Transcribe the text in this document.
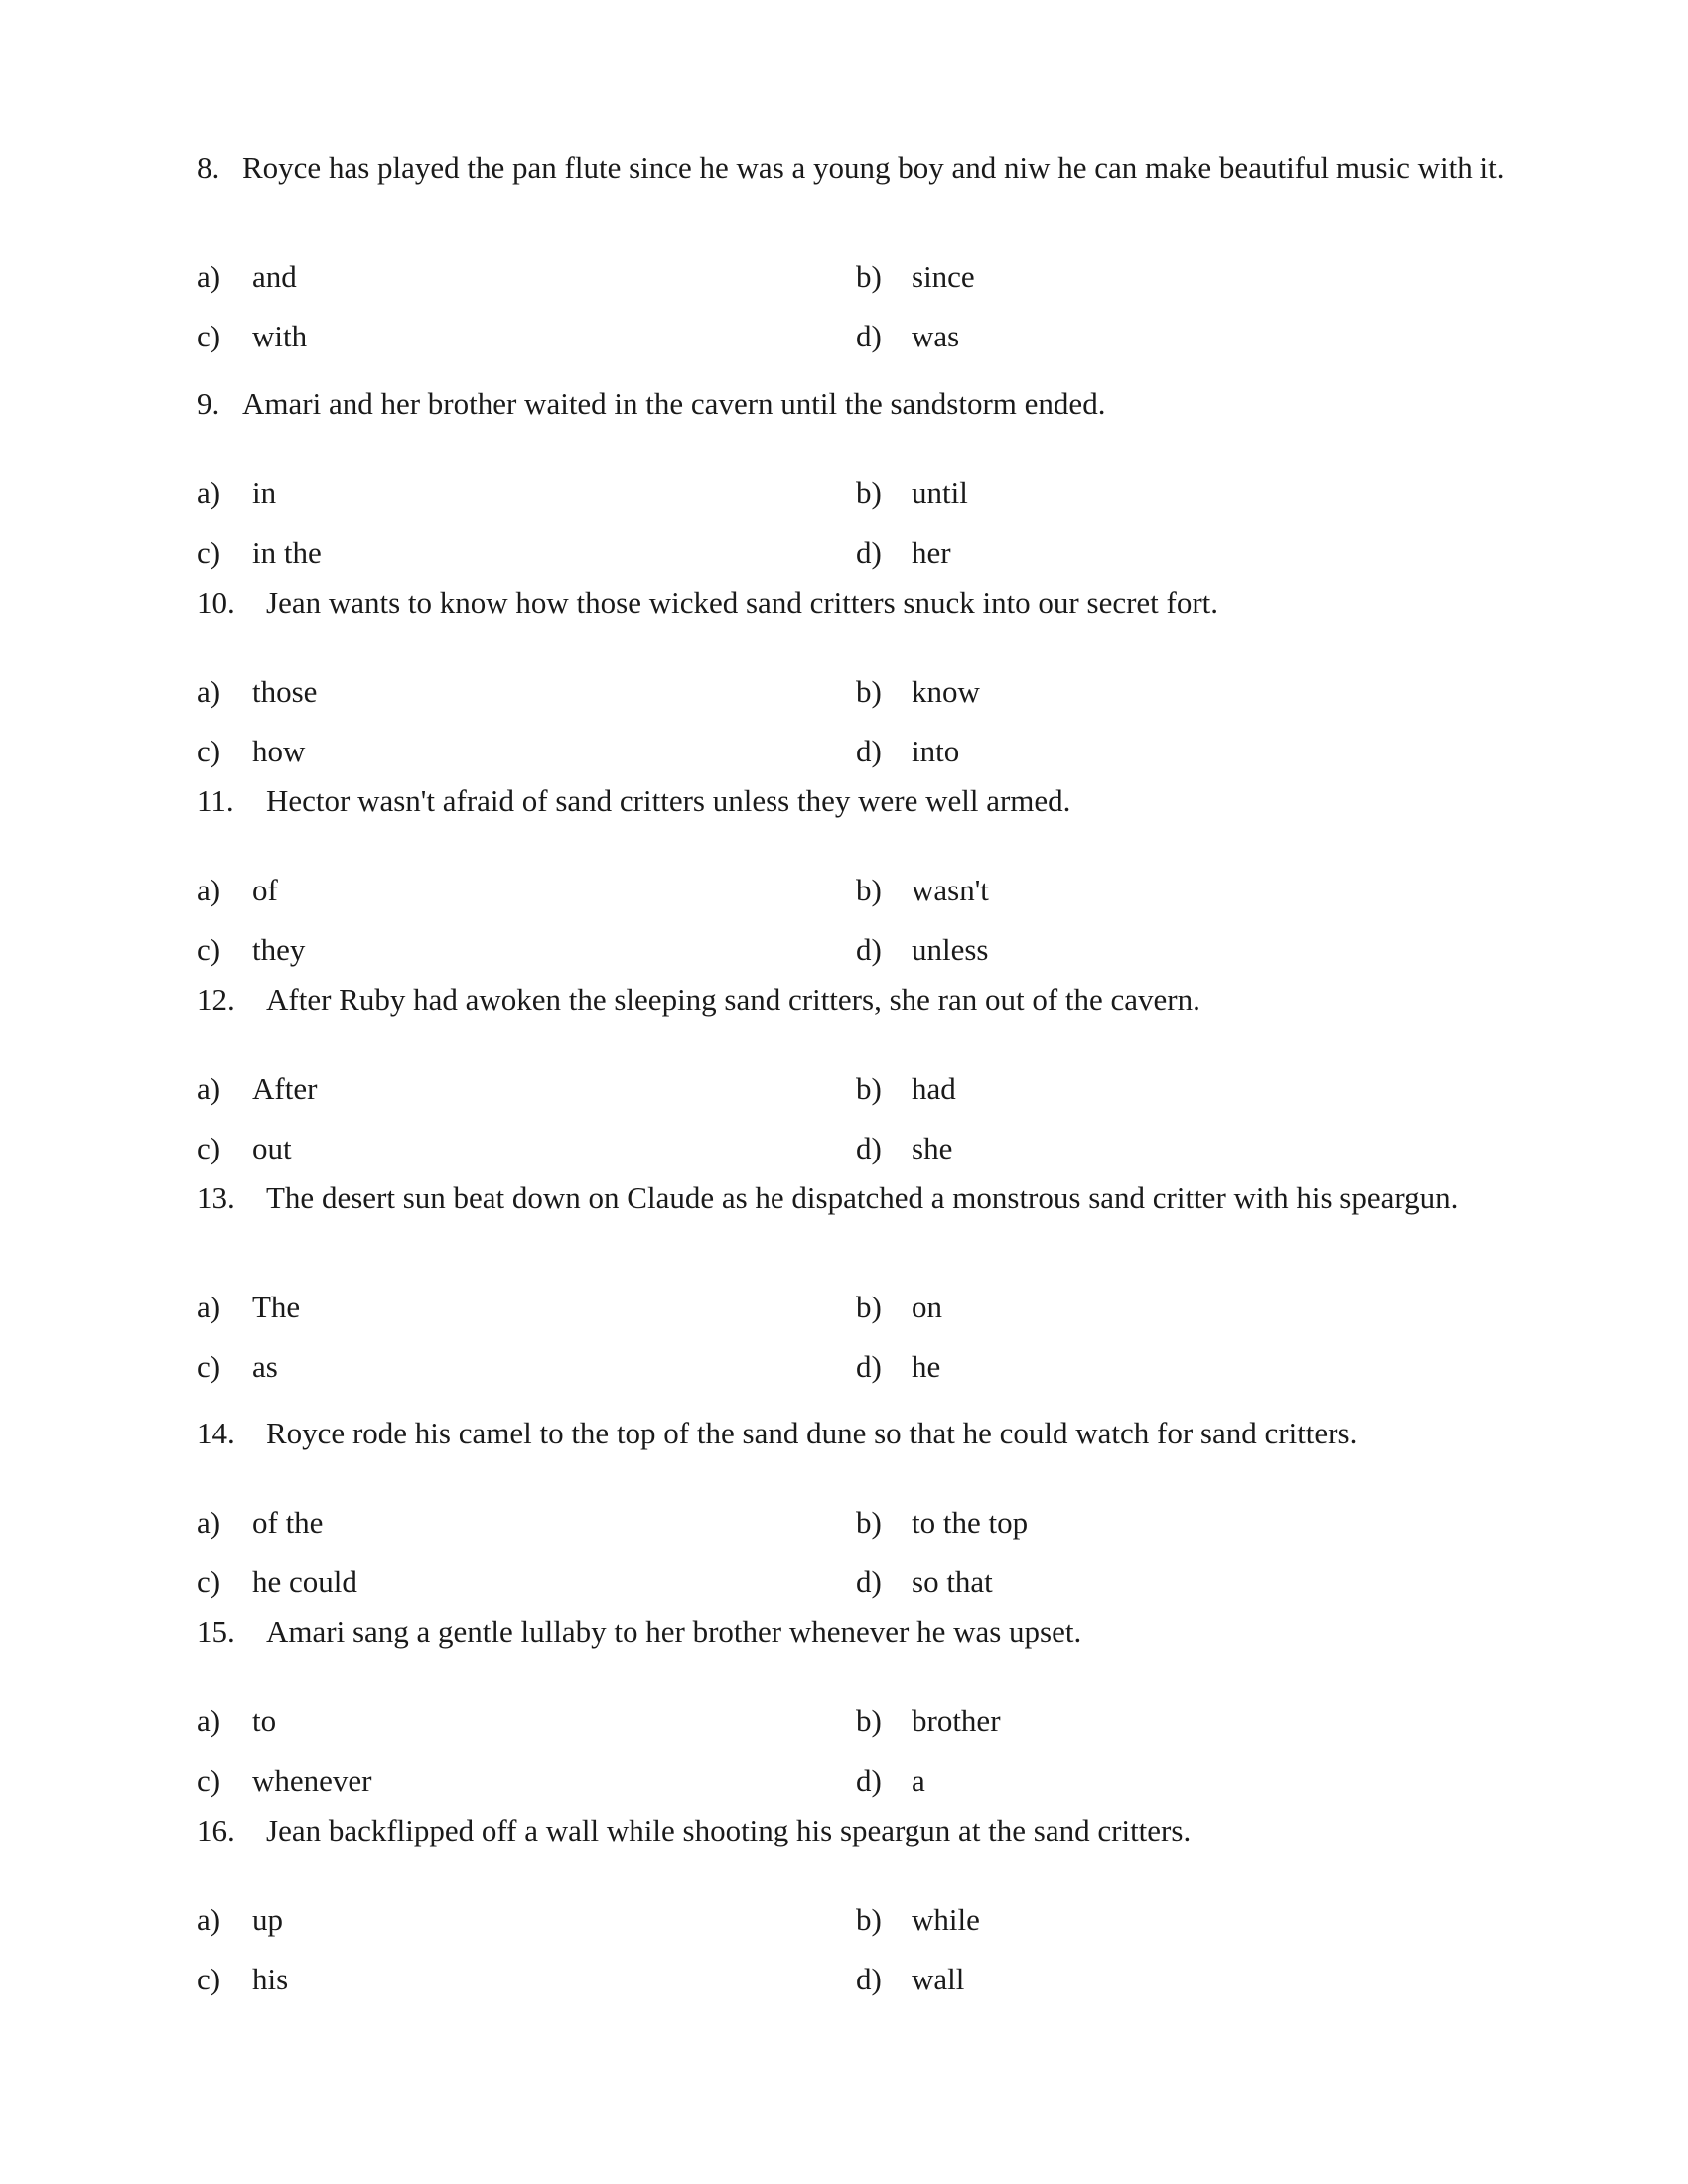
8. Royce has played the pan flute since he was a young boy and niw he can make beautiful music with it.
a) and	b) since
c) with	d) was
9. Amari and her brother waited in the cavern until the sandstorm ended.
a) in	b) until
c) in the	d) her
10.	Jean wants to know how those wicked sand critters snuck into our secret fort.
a) those	b) know
c) how	d) into
11.	Hector wasn't afraid of sand critters unless they were well armed.
a) of	b) wasn't
c) they	d) unless
12.	After Ruby had awoken the sleeping sand critters, she ran out of the cavern.
a) After	b) had
c) out	d) she
13.	The desert sun beat down on Claude as he dispatched a monstrous sand critter with his speargun.
a) The	b) on
c) as	d) he
14.	Royce rode his camel to the top of the sand dune so that he could watch for sand critters.
a) of the	b) to the top
c) he could	d) so that
15.	Amari sang a gentle lullaby to her brother whenever he was upset.
a) to	b) brother
c) whenever	d) a
16.	Jean backflipped off a wall while shooting his speargun at the sand critters.
a) up	b) while
c) his	d) wall
